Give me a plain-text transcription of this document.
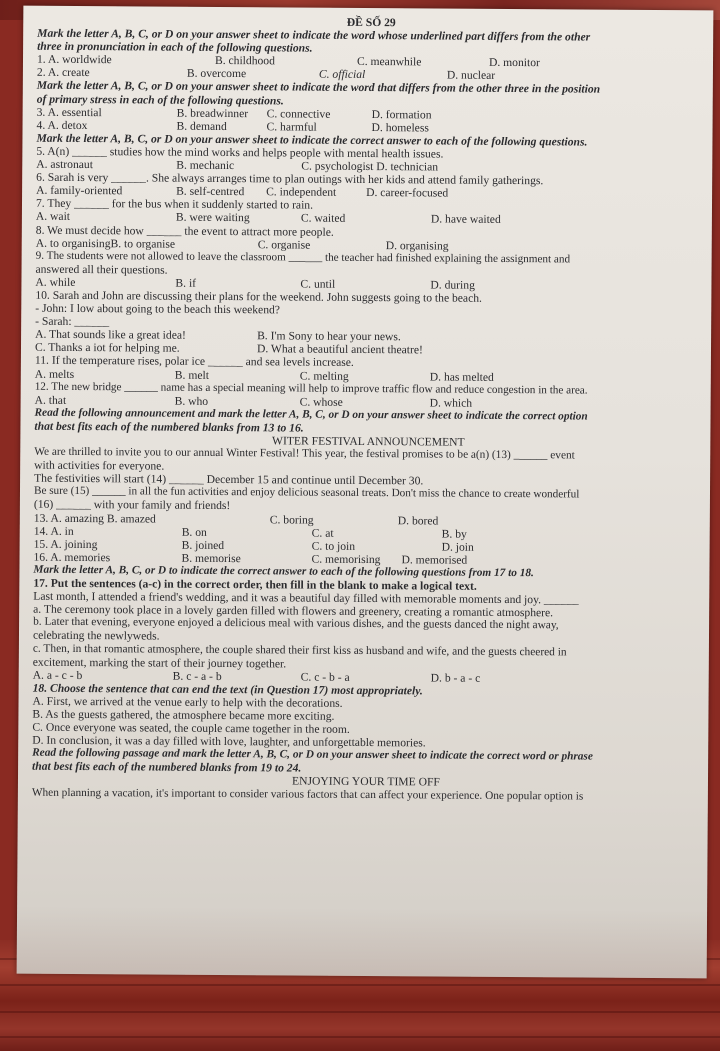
ĐỀ SỐ 29
Mark the letter A, B, C, or D on your answer sheet to indicate the word whose underlined part differs from the other
three in pronunciation in each of the following questions.
1. A. worldwide	B. childhood	C. meanwhile	D. monitor
2. A. create	B. overcome	C. official	D. nuclear
Mark the letter A, B, C, or D on your answer sheet to indicate the word that differs from the other three in the position
of primary stress in each of the following questions.
3. A. essential	B. breadwinner C. connective	D. formation
4. A. detox	B. demand	C. harmful	D. homeless
Mark the letter A, B, C, or D on your answer sheet to indicate the correct answer to each of the following questions.
5. A(n) ______ studies how the mind works and helps people with mental health issues.
A. astronaut	B. mechanic	C. psychologist D. technician
6. Sarah is very ______. She always arranges time to plan outings with her kids and attend family gatherings.
A. family-oriented	B. self-centred C. independent	D. career-focused
7. They ______ for the bus when it suddenly started to rain.
A. wait	B. were waiting	C. waited	D. have waited
8. We must decide how ______ the event to attract more people.
A. to organisingB. to organise	C. organise	D. organising
9. The students were not allowed to leave the classroom ______ the teacher had finished explaining the assignment and
answered all their questions.
A. while	B. if	C. until	D. during
10. Sarah and John are discussing their plans for the weekend. John suggests going to the beach.
- John: I low about going to the beach this weekend?
- Sarah: ______
A. That sounds like a great idea!	B. I'm Sony to hear your news.
C. Thanks a iot for helping me.	D. What a beautiful ancient theatre!
11. If the temperature rises, polar ice ______ and sea levels increase.
A. melts	B. melt	C. melting	D. has melted
12. The new bridge ______ name has a special meaning will help to improve traffic flow and reduce congestion in the area.
A. that	B. who	C. whose	D. which
Read the following announcement and mark the letter A, B, C, or D on your answer sheet to indicate the correct option
that best fits each of the numbered blanks from 13 to 16.
WITER FESTIVAL ANNOUNCEMENT
We are thrilled to invite you to our annual Winter Festival! This year, the festival promises to be a(n) (13) ______ event
with activities for everyone.
The festivities will start (14) ______ December 15 and continue until December 30.
Be sure (15) ______ in all the fun activities and enjoy delicious seasonal treats. Don't miss the chance to create wonderful
(16) ______ with your family and friends!
13. A. amazing B. amazed	C. boring	D. bored
14. A. in	B. on	C. at	B. by
15. A. joining	B. joined	C. to join	D. join
16. A. memories	B. memorise	C. memorising D. memorised
Mark the letter A, B, C, or D to indicate the correct answer to each of the following questions from 17 to 18.
17. Put the sentences (a-c) in the correct order, then fill in the blank to make a logical text.
Last month, I attended a friend's wedding, and it was a beautiful day filled with memorable moments and joy. ______
a. The ceremony took place in a lovely garden filled with flowers and greenery, creating a romantic atmosphere.
b. Later that evening, everyone enjoyed a delicious meal with various dishes, and the guests danced the night away,
celebrating the newlyweds.
c. Then, in that romantic atmosphere, the couple shared their first kiss as husband and wife, and the guests cheered in
excitement, marking the start of their journey together.
A. a - c - b	B. c - a - b	C. c - b - a	D. b - a - c
18. Choose the sentence that can end the text (in Question 17) most appropriately.
A. First, we arrived at the venue early to help with the decorations.
B. As the guests gathered, the atmosphere became more exciting.
C. Once everyone was seated, the couple came together in the room.
D. In conclusion, it was a day filled with love, laughter, and unforgettable memories.
Read the following passage and mark the letter A, B, C, or D on your answer sheet to indicate the correct word or phrase
that best fits each of the numbered blanks from 19 to 24.
ENJOYING YOUR TIME OFF
When planning a vacation, it's important to consider various factors that can affect your experience. One popular option is
